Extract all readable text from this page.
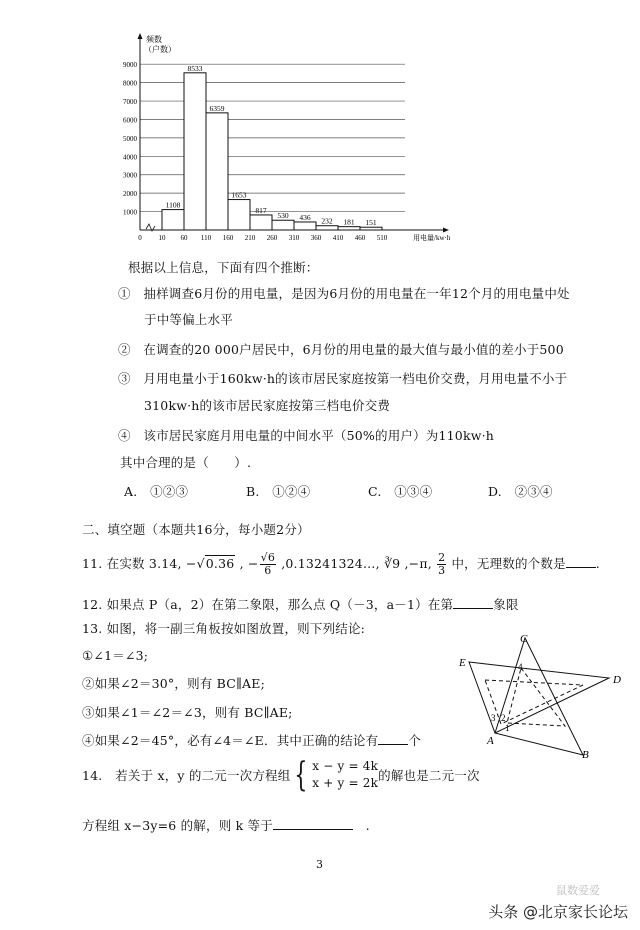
1000
2000
3000
4000
5000
6000
7000
8000
9000
频数
（户数）
1108
8533
6359
1653
817
530 436 232 181 151
0 10 60 110 160 210 260 310 360 410 460 510	用电量/kw·h
根据以上信息，下面有四个推断：
①　 抽样调查6月份的用电量，是因为6月份的用电量在一年12个月的用电量中处
于中等偏上水平
②　 在调查的20 000户居民中，6月份的用电量的最大值与最小值的差小于500
③　 月用电量小于160kw·h的该市居民家庭按第一档电价交费，月用电量不小于
310kw·h的该市居民家庭按第三档电价交费
④　 该市居民家庭月用电量的中间水平（50%的用户）为110kw·h
其中合理的是（　　）.
A.　 ①②③	B.　 ①②④	C.　 ①③④	D.　 ②③④
二、填空题（本题共16分，每小题2分）
11. 在实数 3.14, −√0.36 , − $\frac{√6}{6}$ ,0.13241324…, ∛9 ,−π, $\frac{2}{3}$ 中，无理数的个数是 .
12. 如果点 P（a，2）在第二象限，那么点 Q（－3，a－1）在第	象限
13. 如图，将一副三角板按如图放置，则下列结论:
①∠1＝∠3;
②如果∠2＝30°，则有 BC∥AE;
③如果∠1＝∠2＝∠3，则有 BC∥AE;
④如果∠2＝45°，必有∠4＝∠E．其中正确的结论有 个
C
E
D
A
B
1
2
3
4
14.　若关于 x，y 的二元一次方程组 { x − y = 4k
x + y = 2k 的解也是二元一次
方程组 x−3y=6 的解，则 k 等于　	.
3
鼠数爱爱
头条 @北京家长论坛
